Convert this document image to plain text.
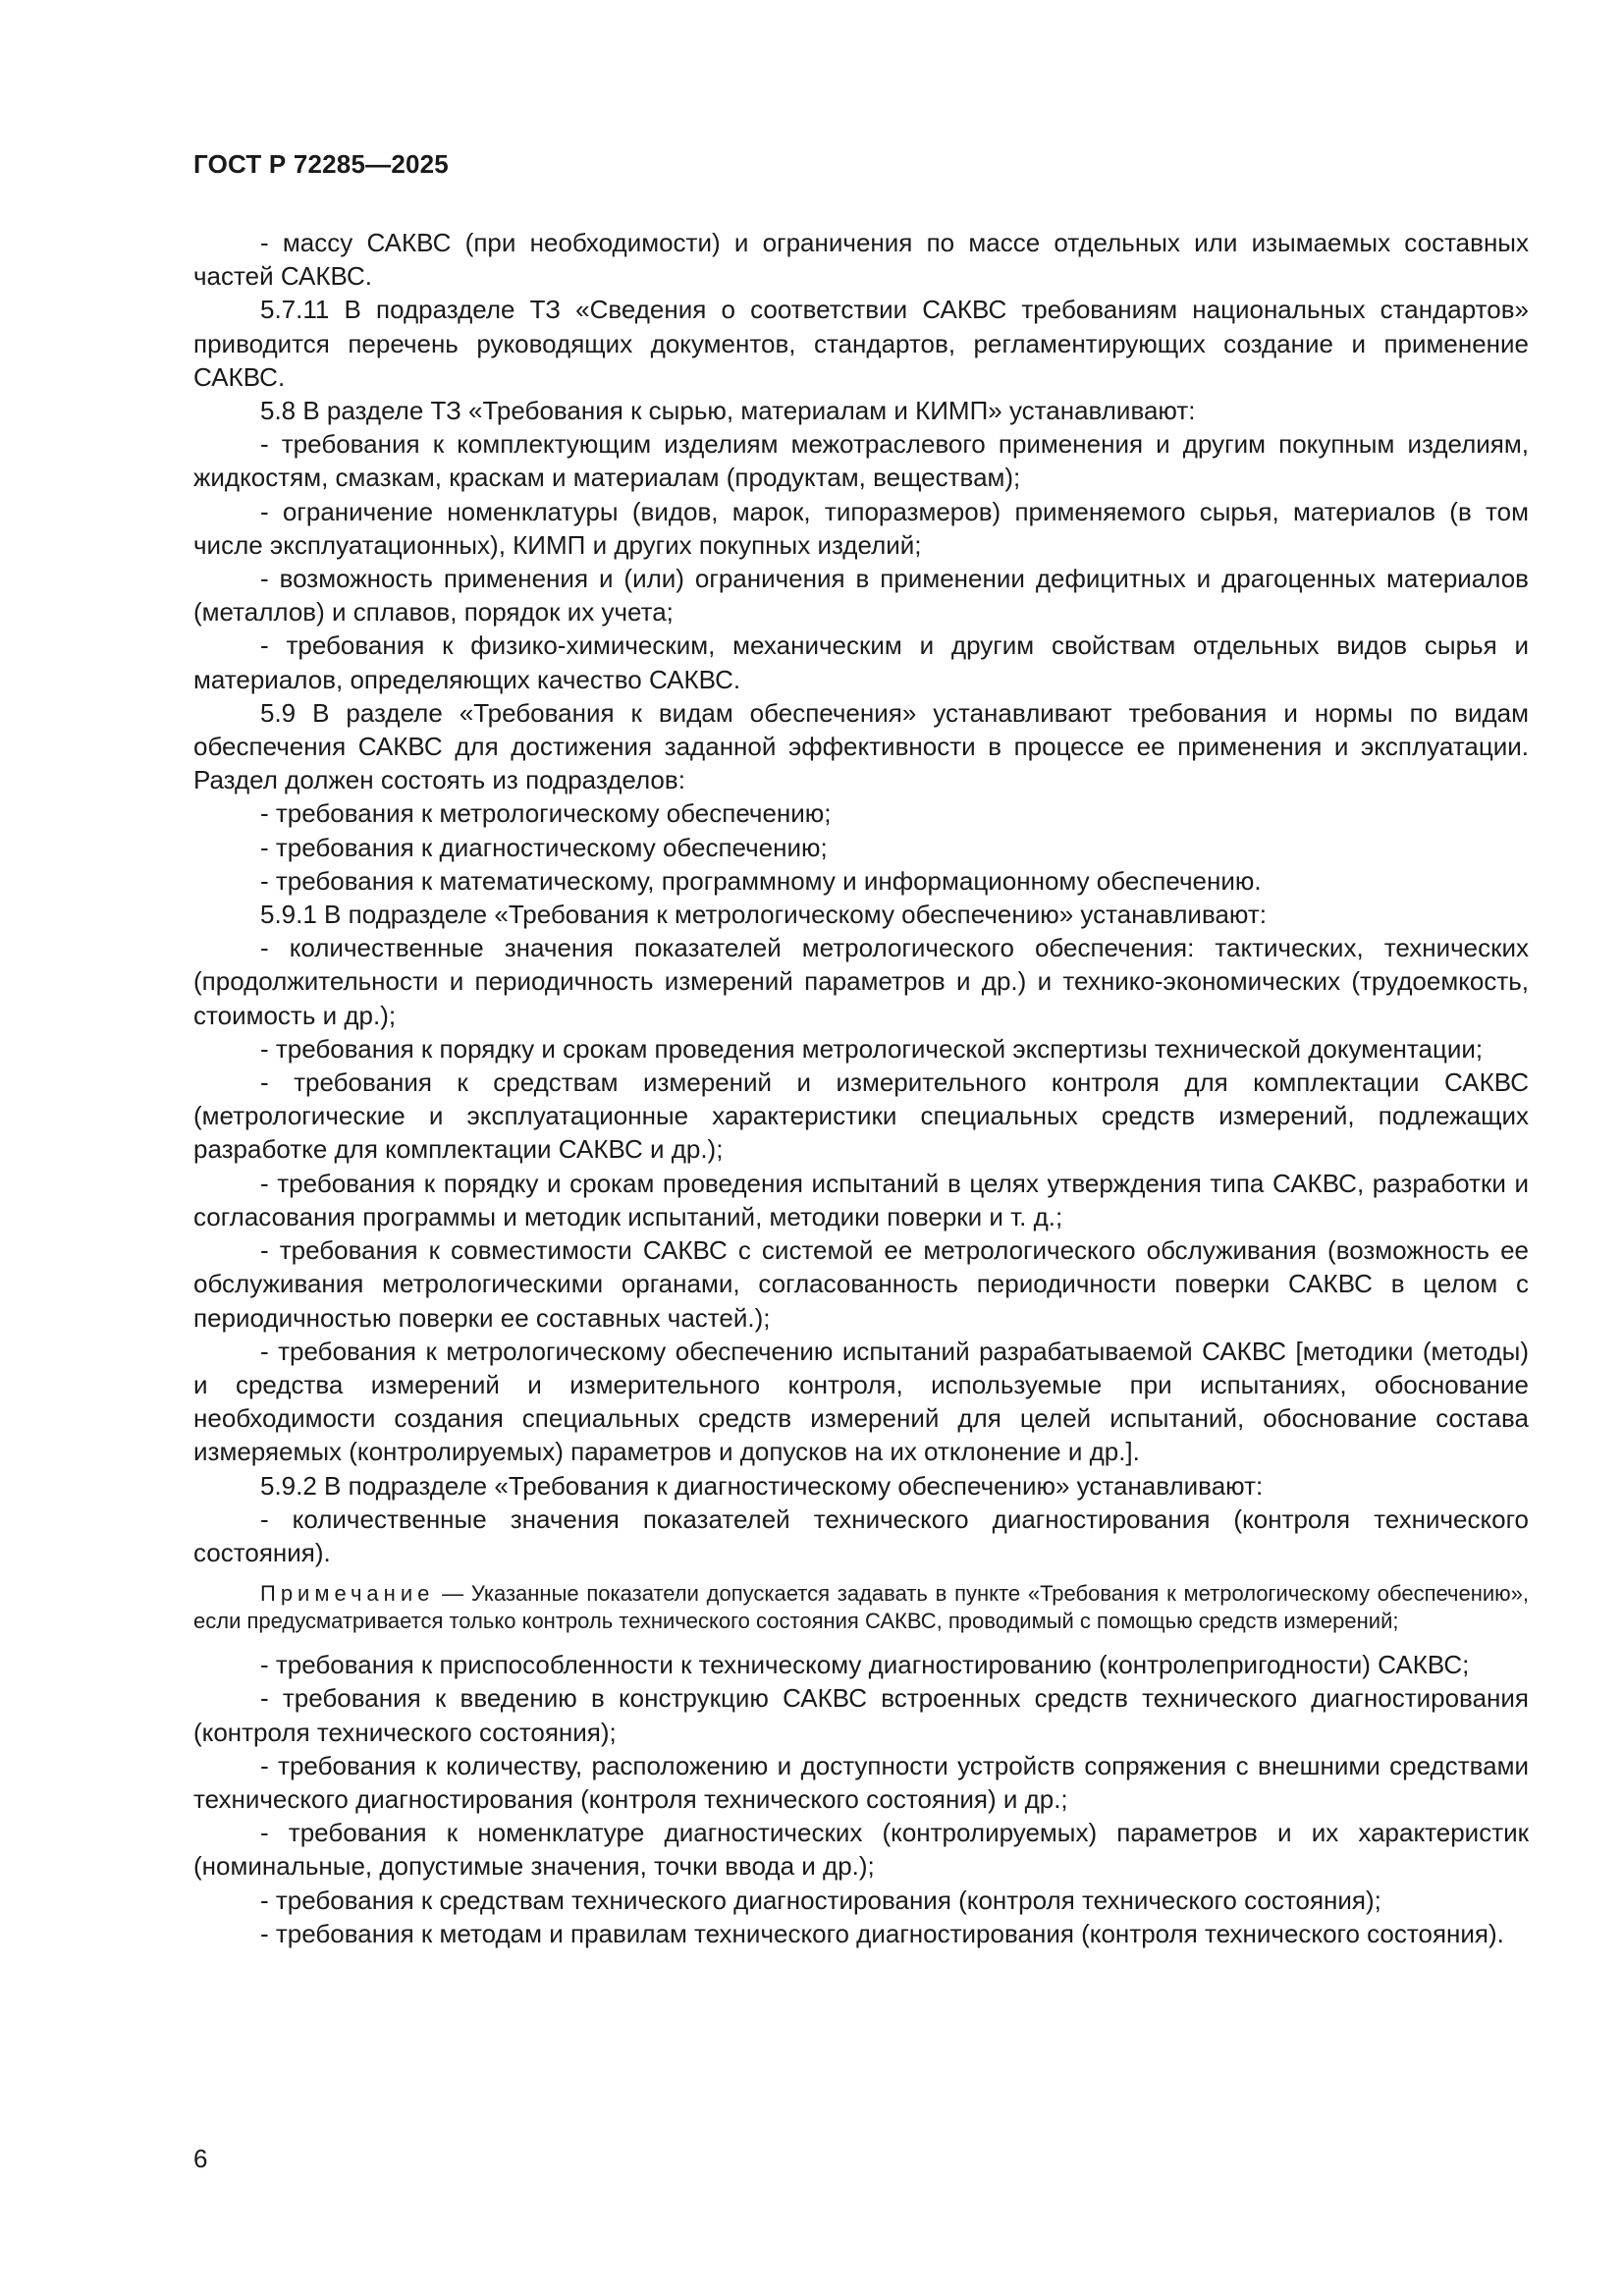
ГОСТ Р 72285—2025

- массу САКВС (при необходимости) и ограничения по массе отдельных или изымаемых составных частей САКВС.

5.7.11 В подразделе ТЗ «Сведения о соответствии САКВС требованиям национальных стандартов» приводится перечень руководящих документов, стандартов, регламентирующих создание и применение САКВС.

5.8 В разделе ТЗ «Требования к сырью, материалам и КИМП» устанавливают:

- требования к комплектующим изделиям межотраслевого применения и другим покупным изделиям, жидкостям, смазкам, краскам и материалам (продуктам, веществам);

- ограничение номенклатуры (видов, марок, типоразмеров) применяемого сырья, материалов (в том числе эксплуатационных), КИМП и других покупных изделий;

- возможность применения и (или) ограничения в применении дефицитных и драгоценных материалов (металлов) и сплавов, порядок их учета;

- требования к физико-химическим, механическим и другим свойствам отдельных видов сырья и материалов, определяющих качество САКВС.

5.9 В разделе «Требования к видам обеспечения» устанавливают требования и нормы по видам обеспечения САКВС для достижения заданной эффективности в процессе ее применения и эксплуатации. Раздел должен состоять из подразделов:

- требования к метрологическому обеспечению;

- требования к диагностическому обеспечению;

- требования к математическому, программному и информационному обеспечению.

5.9.1 В подразделе «Требования к метрологическому обеспечению» устанавливают:

- количественные значения показателей метрологического обеспечения: тактических, технических (продолжительности и периодичность измерений параметров и др.) и технико-экономических (трудоемкость, стоимость и др.);

- требования к порядку и срокам проведения метрологической экспертизы технической документации;

- требования к средствам измерений и измерительного контроля для комплектации САКВС (метрологические и эксплуатационные характеристики специальных средств измерений, подлежащих разработке для комплектации САКВС и др.);

- требования к порядку и срокам проведения испытаний в целях утверждения типа САКВС, разработки и согласования программы и методик испытаний, методики поверки и т. д.;

- требования к совместимости САКВС с системой ее метрологического обслуживания (возможность ее обслуживания метрологическими органами, согласованность периодичности поверки САКВС в целом с периодичностью поверки ее составных частей.);

- требования к метрологическому обеспечению испытаний разрабатываемой САКВС [методики (методы) и средства измерений и измерительного контроля, используемые при испытаниях, обоснование необходимости создания специальных средств измерений для целей испытаний, обоснование состава измеряемых (контролируемых) параметров и допусков на их отклонение и др.].

5.9.2 В подразделе «Требования к диагностическому обеспечению» устанавливают:

- количественные значения показателей технического диагностирования (контроля технического состояния).

Примечание — Указанные показатели допускается задавать в пункте «Требования к метрологическому обеспечению», если предусматривается только контроль технического состояния САКВС, проводимый с помощью средств измерений;

- требования к приспособленности к техническому диагностированию (контролепригодности) САКВС;

- требования к введению в конструкцию САКВС встроенных средств технического диагностирования (контроля технического состояния);

- требования к количеству, расположению и доступности устройств сопряжения с внешними средствами технического диагностирования (контроля технического состояния) и др.;

- требования к номенклатуре диагностических (контролируемых) параметров и их характеристик (номинальные, допустимые значения, точки ввода и др.);

- требования к средствам технического диагностирования (контроля технического состояния);

- требования к методам и правилам технического диагностирования (контроля технического состояния).

6
